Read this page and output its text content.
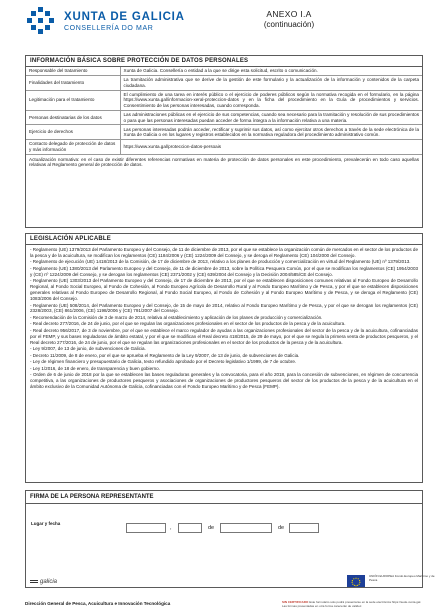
XUNTA DE GALICIA
CONSELLERÍA DO MAR
ANEXO I.A
(continuación)
INFORMACIÓN BÁSICA SOBRE PROTECCIÓN DE DATOS PERSONALES
Responsable del tratamiento	Xunta de Galicia. Consellería o entidad a la que se dirige esta solicitud, escrito o comunicación.
Finalidades del tratamiento	La tramitación administrativa que se derive de la gestión de este formulario y la actualización de la información y contenidos de la carpeta ciudadana.
Legitimación para el tratamiento	El cumplimiento de una tarea en interés público o el ejercicio de poderes públicos según la normativa recogida en el formulario, en la página https://www.xunta.gal/informacion-xeral-proteccion-datos y en la ficha del procedimiento en la Guía de procedimientos y servicios. Consentimiento de las personas interesadas, cuando corresponda.
Personas destinatarias de los datos	Las administraciones públicas en el ejercicio de sus competencias, cuando sea necesario para la tramitación y resolución de sus procedimientos o para que las personas interesadas puedan acceder de forma íntegra a la información relativa a una materia.
Ejercicio de derechos	Las personas interesadas podrán acceder, rectificar y suprimir sus datos, así como ejercitar otros derechos a través de la sede electrónica de la Xunta de Galicia o en los lugares y registros establecidos en la normativa reguladora del procedimiento administrativo común.
Contacto delegado de protección de datos y más información	https://www.xunta.gal/proteccion-datos-persoais
Actualización normativa: en el caso de existir diferentes referencias normativas en materia de protección de datos personales en este procedimiento, prevalecerán en todo caso aquellas relativas al Reglamento general de protección de datos.
LEGISLACIÓN APLICABLE

- Reglamento (UE) 1379/2013 del Parlamento Europeo y del Consejo, de 11 de diciembre de 2013, por el que se establece la organización común de mercados en el sector de los productos de la pesca y de la acuicultura, se modifican los reglamentos (CE) 1184/2006 y (CE) 1224/2009 del Consejo, y se deroga el Reglamento (CE) 104/2000 del Consejo.

- Reglamento de ejecución (UE) 1418/2013 de la Comisión, de 17 de diciembre de 2013, relativo a los planes de producción y comercialización en virtud del Reglamento (UE) nº 1379/2013.

- Reglamento (UE) 1380/2013 del Parlamento Europeo y del Consejo, de 11 de diciembre de 2013, sobre la Política Pesquera Común, por el que se modifican los reglamentos (CE) 1954/2003 y (CE) nº 1224/2009 del Consejo, y se derogan los reglamentos (CE) 2371/2002 y (CE) 639/2004 del Consejo y la Decisión 2004/585/CE del Consejo.

- Reglamento (UE) 1303/2013 del Parlamento Europeo y del Consejo, de 17 de diciembre de 2013, por el que se establecen disposiciones comunes relativas al Fondo Europeo de Desarrollo Regional, al Fondo Social Europeo, al Fondo de Cohesión, al Fondo Europeo Agrícola de Desarrollo Rural y al Fondo Europeo Marítimo y de Pesca, y por el que se establecen disposiciones generales relativas al Fondo Europeo de Desarrollo Regional, al Fondo Social Europeo, al Fondo de Cohesión y al Fondo Europeo Marítimo y de Pesca, y se deroga el Reglamento (CE) 1083/2006 del Consejo.

- Reglamento (UE) 508/2014, del Parlamento Europeo y del Consejo, de 15 de mayo de 2014, relativo al Fondo Europeo Marítimo y de Pesca, y por el que se derogan los reglamentos (CE) 2328/2003, (CE) 861/2006, (CE) 1198/2006 y (CE) 791/2007 del Consejo.

- Recomendación de la Comisión de 3 de marzo de 2014, relativa al establecimiento y aplicación de los planes de producción y comercialización.

- Real decreto 277/2016, de 24 de junio, por el que se regulan las organizaciones profesionales en el sector de los productos de la pesca y de la acuicultura.

- Real decreto 956/2017, de 3 de noviembre, por el que se establece el marco regulador de ayudas a las organizaciones profesionales del sector de la pesca y de la acuicultura, cofinanciadas por el FEMP, y sus bases reguladoras de ámbito estatal, y por el que se modifican el Real decreto 418/2015, de 29 de mayo, por el que se regula la primera venta de productos pesqueros, y el Real decreto 277/2016, de 24 de junio, por el que se regulan las organizaciones profesionales en el sector de los productos de la pesca y de la acuicultura.

- Ley 9/2007, de 13 de junio, de subvenciones de Galicia.

- Decreto 11/2009, de 8 de enero, por el que se aprueba el Reglamento de la Ley 9/2007, de 13 de junio, de subvenciones de Galicia.

- Ley de régimen financiero y presupuestario de Galicia, texto refundido aprobado por el Decreto legislativo 1/1999, de 7 de octubre.

- Ley 1/2016, de 18 de enero, de transparencia y buen gobierno.

- Orden de 6 de junio de 2018 por la que se establecen las bases reguladoras generales y la convocatoria, para el año 2018, para la concesión de subvenciones, en régimen de concurrencia competitiva, a las organizaciones de productores pesqueros y asociaciones de organizaciones de productores pesqueros del sector de los productos de la pesca y de la acuicultura en el ámbito exclusivo de la Comunidad Autónoma de Galicia, cofinanciadas con el Fondo Europeo Marítimo y de Pesca (FEMP).

FIRMA DE LA PERSONA REPRESENTANTE
Lugar y fecha
,	de	de
galicia
Dirección General de Pesca, Acuicultura e Innovación Tecnológica
UNIÓN EUROPEA Fondo Europeo Marítimo y de Pesca
SIN CERTIFICADO Este formulario solo podrá presentarse en la sede electrónica https://sede.xunta.gal. Las formas presentadas en otra forma carecerán de validez.
